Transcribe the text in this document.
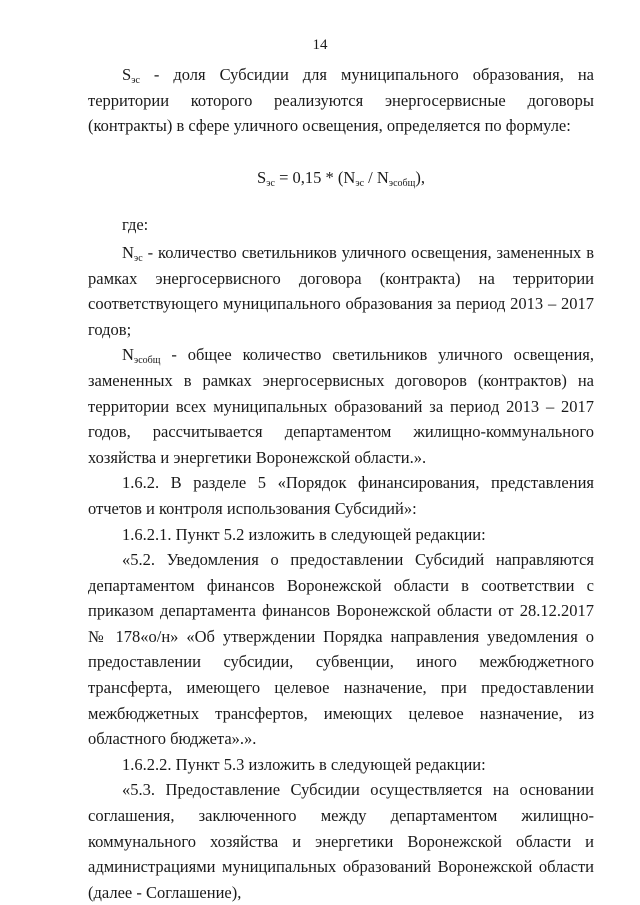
14

$S_{эс}$ - доля Субсидии для муниципального образования, на территории которого реализуются энергосервисные договоры (контракты) в сфере уличного освещения, определяется по формуле:

$S_{эс} = 0,15 * (N_{эс} / N_{эсобщ})$,

где:

$N_{эс}$ - количество светильников уличного освещения, замененных в рамках энергосервисного договора (контракта) на территории соответствующего муниципального образования за период 2013 – 2017 годов;

$N_{эсобщ}$ - общее количество светильников уличного освещения, замененных в рамках энергосервисных договоров (контрактов) на территории всех муниципальных образований за период 2013 – 2017 годов, рассчитывается департаментом жилищно-коммунального хозяйства и энергетики Воронежской области.».

1.6.2. В разделе 5 «Порядок финансирования, представления отчетов и контроля использования Субсидий»:

1.6.2.1. Пункт 5.2 изложить в следующей редакции:

«5.2. Уведомления о предоставлении Субсидий направляются департаментом финансов Воронежской области в соответствии с приказом департамента финансов Воронежской области от 28.12.2017 № 178«о/н» «Об утверждении Порядка направления уведомления о предоставлении субсидии, субвенции, иного межбюджетного трансферта, имеющего целевое назначение, при предоставлении межбюджетных трансфертов, имеющих целевое назначение, из областного бюджета».».

1.6.2.2. Пункт 5.3 изложить в следующей редакции:

«5.3. Предоставление Субсидии осуществляется на основании соглашения, заключенного между департаментом жилищно-коммунального хозяйства и энергетики Воронежской области и администрациями муниципальных образований Воронежской области (далее - Соглашение),
